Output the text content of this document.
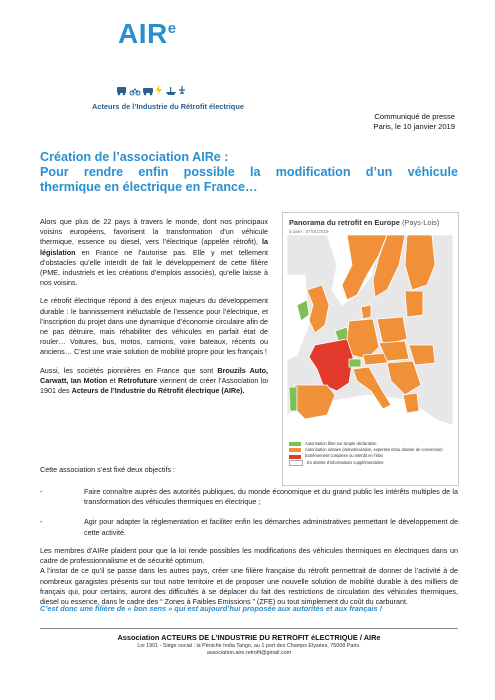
AIR$^e$
Acteurs de l’Industrie du Rétrofit électrique
Communiqué de presse
Paris, le 10 janvier 2019
Création de l’association AIRe :
Pour rendre enfin possible la modification d’un véhicule
thermique en électrique en France…

Alors que plus de 22 pays à travers le monde, dont nos principaux voisins européens, favorisent la transformation d’un véhicule thermique, essence ou diesel, vers l’électrique (appelée rétrofit), la législation en France ne l’autorise pas. Elle y met tellement d’obstacles qu’elle interdit de fait le développement de cette filière (PME, industriels et les créations d’emplois associés), qu’elle laisse à nos voisins.

Le rétrofit électrique répond à des enjeux majeurs du développement durable : le bannissement inéluctable de l’essence pour l’électrique, et l’inscription du projet dans une dynamique d’économie circulaire afin de ne pas détruire, mais réhabiliter des véhicules en parfait état de rouler… Voitures, bus, motos, camions, voire bateaux, récents ou anciens… C’est une vraie solution de mobilité propre pour les français !

Aussi, les sociétés pionnières en France que sont Brouzils Auto, Carwatt, Ian Motion et Retrofuture viennent de créer l’Association loi 1901 des Acteurs de l’Industrie du Rétrofit électrique (AIRe).

Panorama du retrofit en Europe (Pays-Lois)
à date : 07/01/2019
Autorisation libre sur simple déclaration
Autorisation unitaire (immatriculation, expertise et/ou dossier de conversion)
Extrêmement complexe ou interdit en l’état
En attente d’informations supplémentaires
Cette association s’est fixé deux objectifs :
-	Faire connaître auprès des autorités publiques, du monde économique et du grand public les intérêts multiples de la transformation des véhicules thermiques en électrique ;
-	Agir pour adapter la réglementation et faciliter enfin les démarches administratives permettant le développement de cette activité.

Les membres d’AIRe plaident pour que la loi rende possibles les modifications des véhicules thermiques en électriques dans un cadre de professionnalisme et de sécurité optimum.

A l’instar de ce qu’il se passe dans les autres pays, créer une filière française du rétrofit permettrait de donner de l’activité à de nombreux garagistes présents sur tout notre territoire et de proposer une nouvelle solution de mobilité durable à des milliers de français qui, pour certains, auront des difficultés à se déplacer du fait des restrictions de circulation des véhicules thermiques, diesel ou essence, dans le cadre des “ Zones à Faibles Emissions ” (ZFE) ou tout simplement du coût du carburant.

C’est donc une filière de « bon sens » qui est aujourd’hui proposée aux autorités et aux français !
Association ACTEURS DE L’INDUSTRIE DU RETROFIT éLECTRIQUE / AIRe
Loi 1901 - Siège social : la Péniche India Tango, au 1 port des Champs Elysées, 75008 Paris.
association.aire.retrofit@gmail.com
